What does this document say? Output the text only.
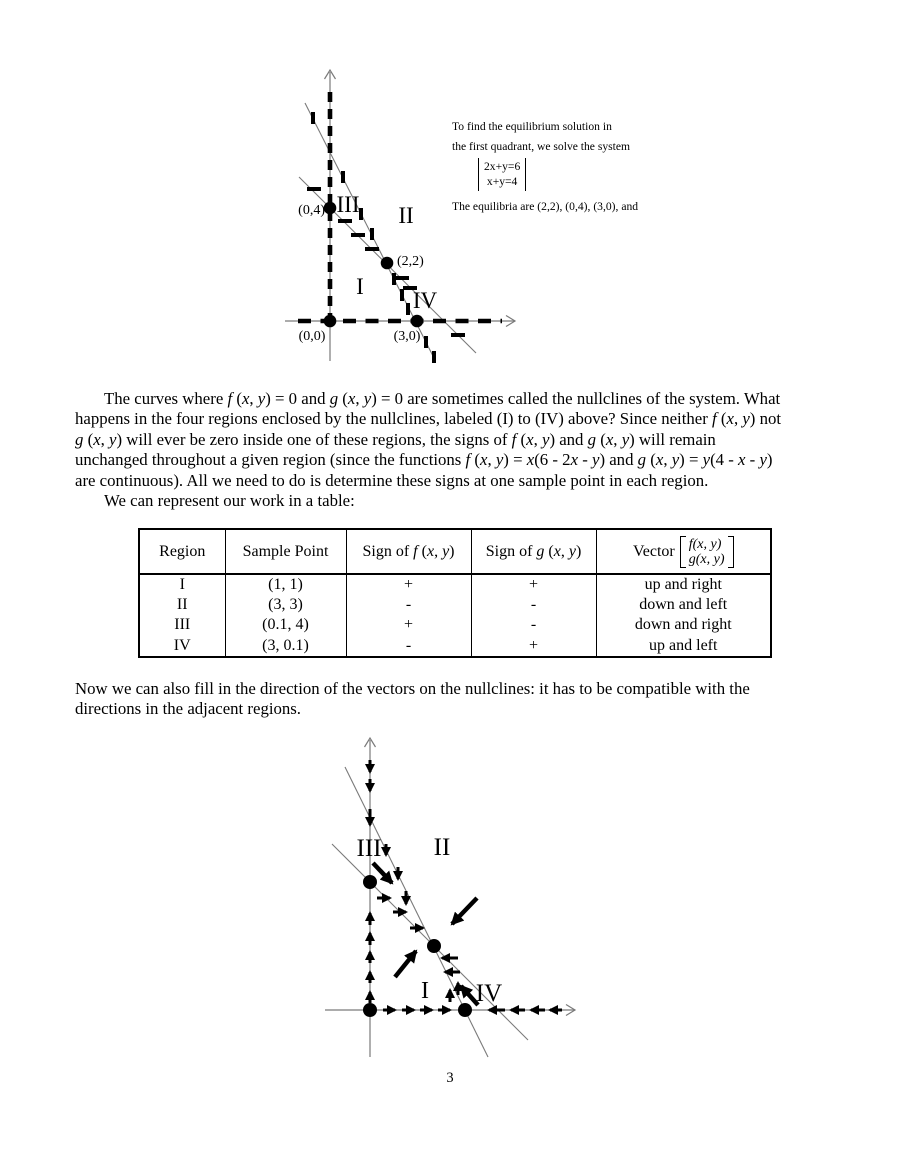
(0,4)
(2,2)
(0,0)	(3,0)
III II
I
IV
To find the equilibrium solution in
the first quadrant, we solve the system
2x+y=6
x+y=4
The equilibria are (2,2), (0,4), (3,0), and
The curves where f (x, y) = 0 and g (x, y) = 0 are sometimes called the nullclines of the system. What
happens in the four regions enclosed by the nullclines, labeled (I) to (IV) above? Since neither f (x, y) not
g (x, y) will ever be zero inside one of these regions, the signs of f (x, y) and g (x, y) will remain
unchanged throughout a given region (since the functions f (x, y) = x(6 - 2x - y) and g (x, y) = y(4 - x - y)
are continuous). All we need to do is determine these signs at one sample point in each region.
We can represent our work in a table:
Region	Sample Point	Sign of f (x, y)	Sign of g (x, y)	Vector f(x, y)
g(x, y)

I	(1, 1)	+	+	up and right
II	(3, 3)	-	-	down and left
III	(0.1, 4)	+	-	down and right
IV	(3, 0.1)	-	+	up and left
Now we can also fill in the direction of the vectors on the nullclines: it has to be compatible with the
directions in the adjacent regions.
III II
I IV
3
